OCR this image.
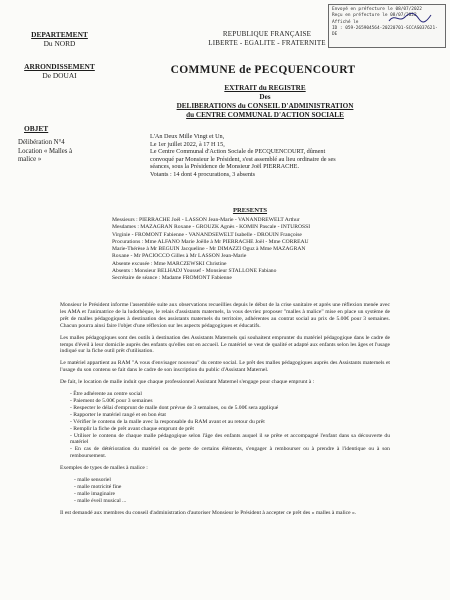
Envoyé en préfecture le 08/07/2022
Reçu en préfecture le 08/07/2022
Affiché le
ID : 059-265904564-20220701-SCCAS037621-DE
DEPARTEMENT
Du NORD
ARRONDISSEMENT
De DOUAI
OBJET
Délibération N°4
Location « Malles à
malice »
REPUBLIQUE FRANÇAISE
LIBERTE - EGALITE - FRATERNITE
COMMUNE de PECQUENCOURT
EXTRAIT du REGISTRE
Des
DELIBERATIONS du CONSEIL D'ADMINISTRATION
du CENTRE COMMUNAL D'ACTION SOCIALE
L'An Deux Mille Vingt et Un,
Le 1er juillet 2022, à 17 H 15,
Le Centre Communal d'Action Sociale de PECQUENCOURT, dûment
convoqué par Monsieur le Président, s'est assemblé au lieu ordinaire de ses
séances, sous la Présidence de Monsieur Joël PIERRACHE.
Votants : 14 dont 4 procurations, 3 absents
PRESENTS
Messieurs : PIERRACHE Joël - LASSON Jean-Marie - VANANDREWELT Arthur
Mesdames : MAZAGRAN Roxane - GROUZK Agnès - KOMIN Pascale - INTUROSSI
Virginie - FROMONT Fabienne - VANANDSEWELT Isabelle - DROUIN Françoise
Procurations : Mme ALFANO Marie Joëlle à Mr PIERRACHE Joël - Mme CORREAU
Marie-Thérèse à Mr BEGUIN Jacqueline - Mr DIMAZZI Oguz à Mme MAZAGRAN
Roxane - Mr PACIOCCO Gilles à Mr LASSON Jean-Marie
Absente excusée : Mme MARCZEWSKI Christine
Absents : Monsieur BELHADJ Youssef - Monsieur STALLONE Fabiano
Secrétaire de séance : Madame FROMONT Fabienne

Monsieur le Président informe l'assemblée suite aux observations recueillies depuis le début de la crise sanitaire et après une réflexion menée avec les AMA et l'animatrice de la ludothèque, le relais d'assistants maternels, la vous devriez proposer "malles à malice" mise en place un système de prêt de malles pédagogiques à destination des assistants maternels du territoire, adhérentes au contrat social au prix de 5.00€ pour 3 semaines. Chacun pourra ainsi faire l'objet d'une réflexion sur les aspects pédagogiques et éducatifs.

Les malles pédagogiques sont des outils à destination des Assistants Maternels qui souhaitent emprunter du matériel pédagogique dans le cadre de temps d'éveil à leur domicile auprès des enfants qu'elles ont en accueil. Le matériel se veut de qualité et adapté aux enfants selon les âges et l'usage indiqué sur la fiche outil prêt d'utilisation.

Le matériel appartient au RAM "A vous d'envisager nouveau" du centre social. Le prêt des malles pédagogiques auprès des Assistants maternels et l'usage du son contenu se fait dans le cadre de son inscription du public d'Assistant Maternel.

De fait, le location de malle induit que chaque professionnel Assistant Maternel s'engage pour chaque emprunt à :

- Être adhérente au centre social
- Paiement de 5.00€ pour 3 semaines
- Respecter le délai d'emprunt de malle dont prévue de 3 semaines, ou de 5.00€ sera appliqué
- Rapporter le matériel rangé et en bon état
- Vérifier le contenu de la malle avec la responsable du RAM avant et au retour du prêt
- Remplir la fiche de prêt avant chaque emprunt de prêt
- Utiliser le contenu de chaque malle pédagogique selon l'âge des enfants auquel il se prête et accompagné l'enfant dans sa découverte du matériel
- En cas de détérioration du matériel ou de perte de certains éléments, s'engager à rembourser ou à prendre à l'identique ou à son remboursement.

Exemples de types de malles à malice :

- malle sensoriel
- malle motricité fine
- malle imaginaire
- malle éveil musical ...

Il est demandé aux membres du conseil d'administration d'autoriser Monsieur le Président à accepter ce prêt des « malles à malice ».
